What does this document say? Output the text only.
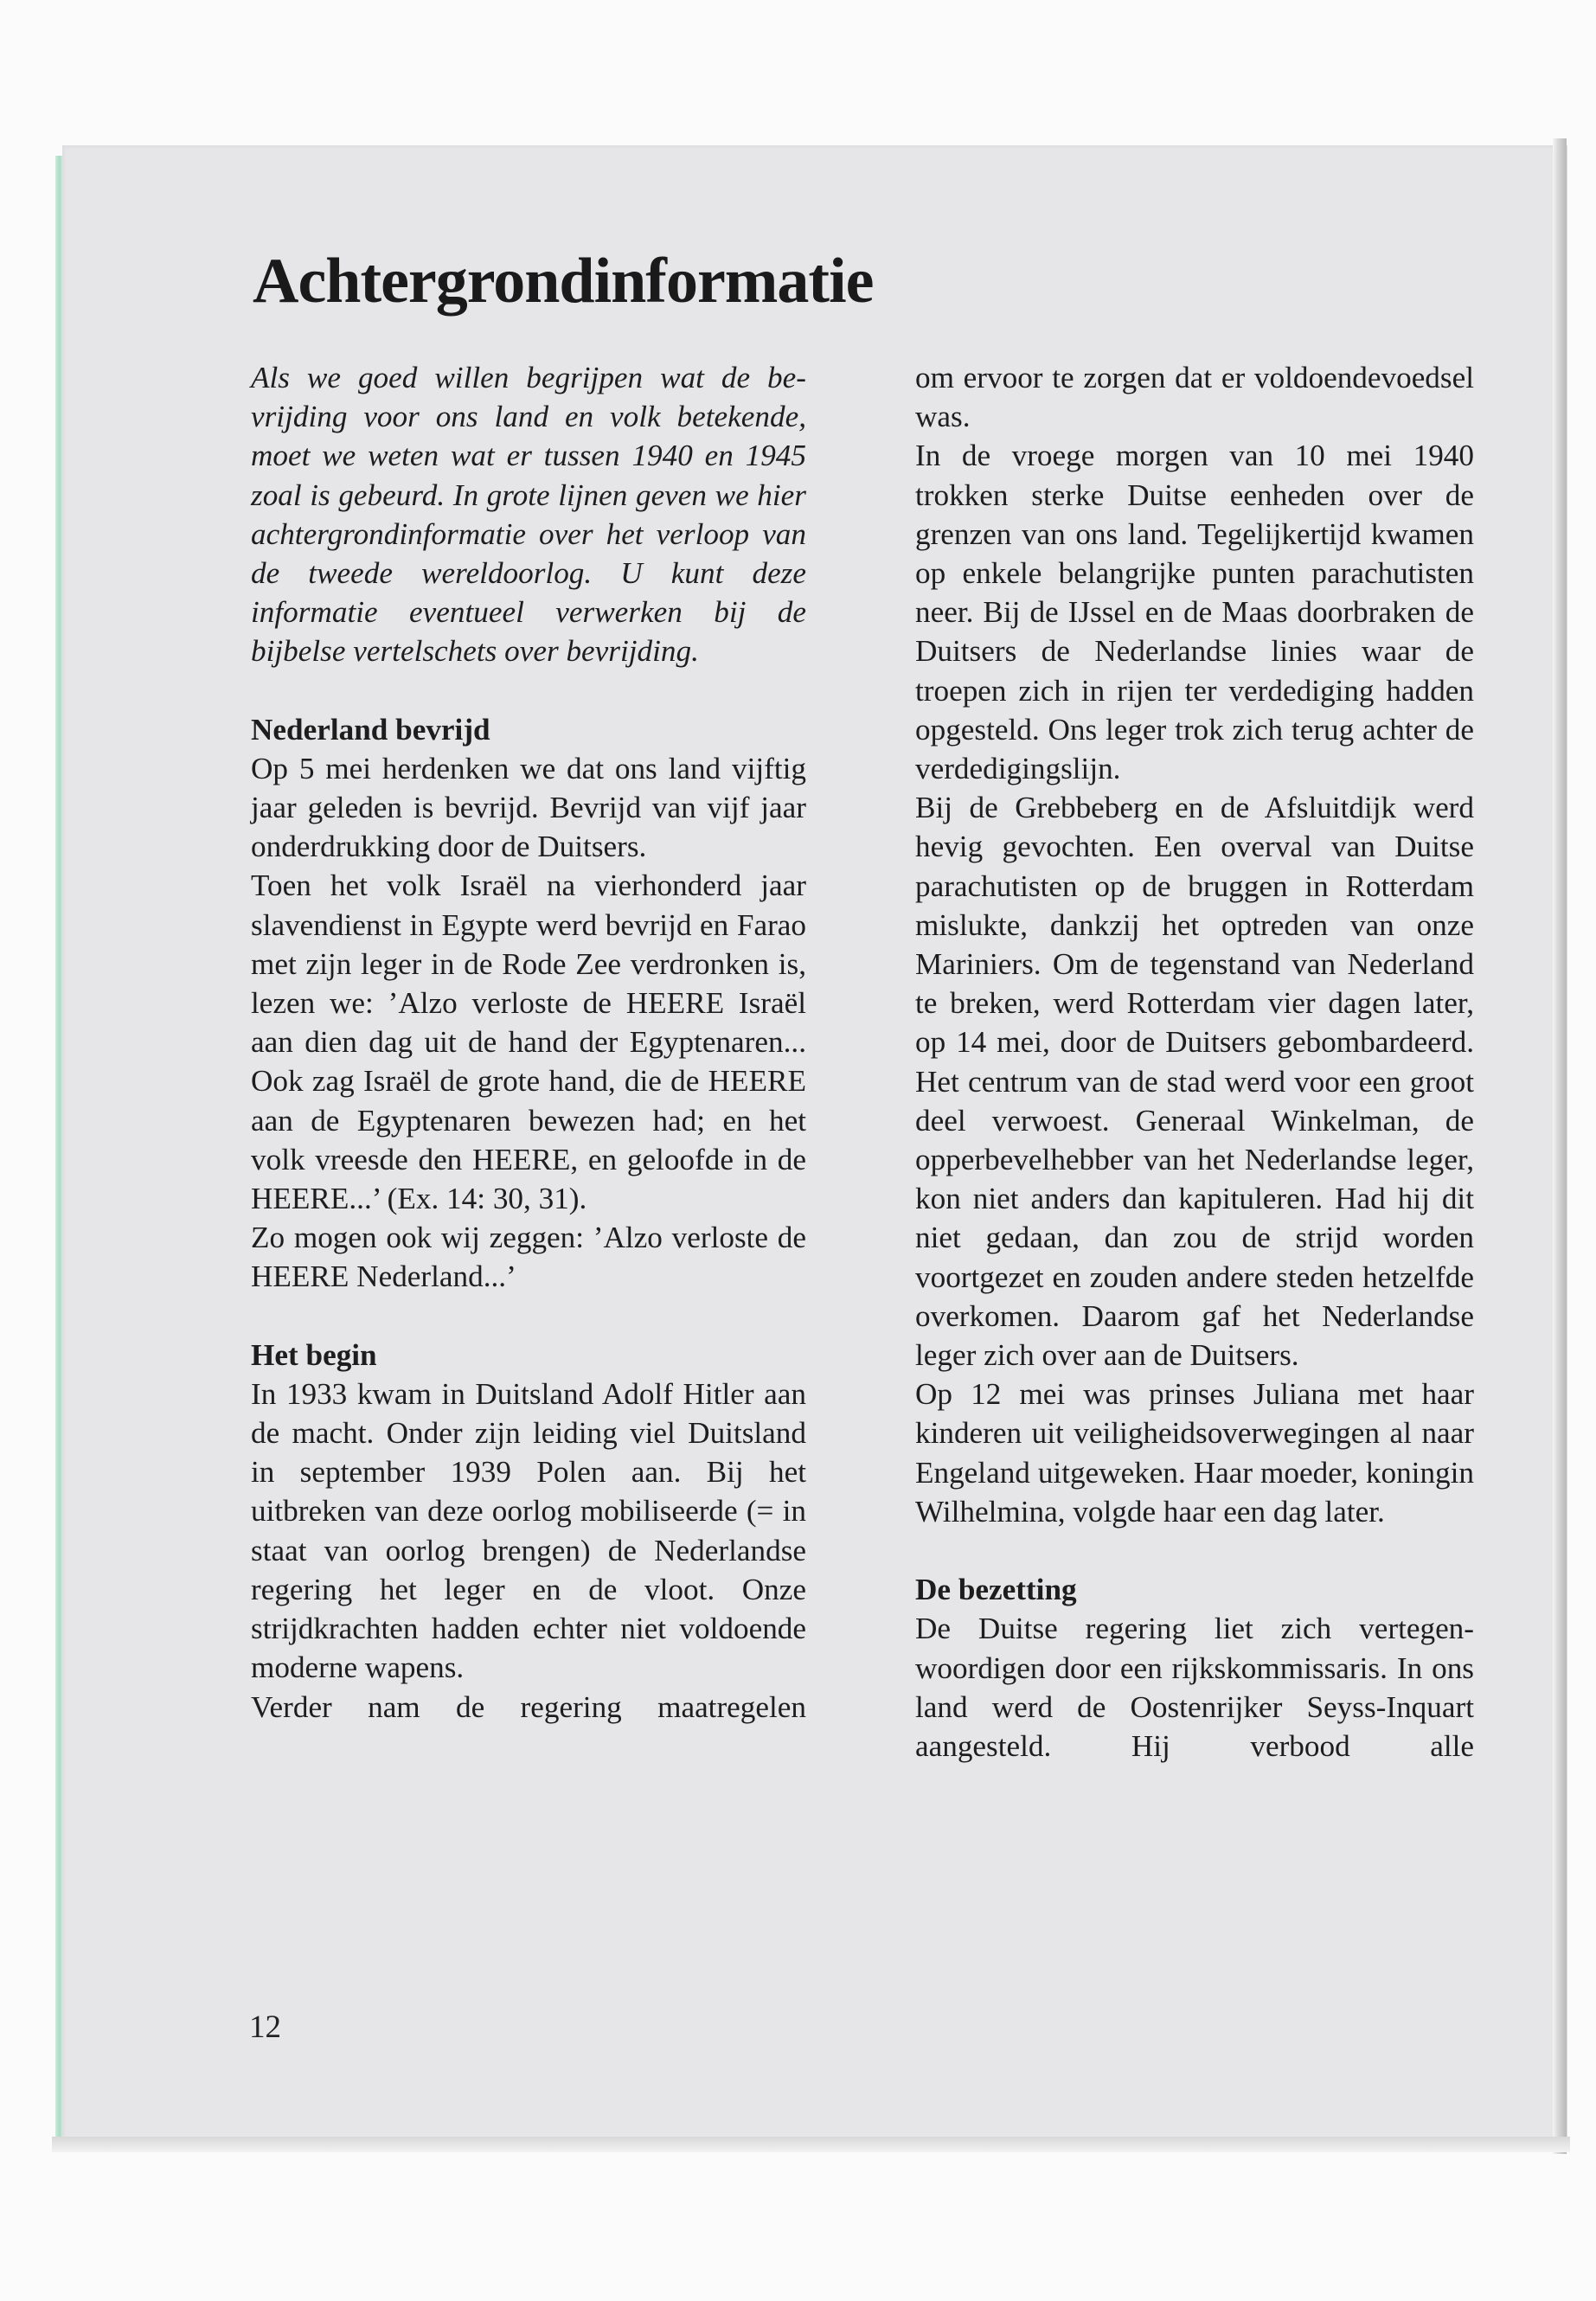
Achtergrondinformatie

Als we goed willen begrijpen wat de bevrijding voor ons land en volk betekende, moet we weten wat er tussen 1940 en 1945 zoal is gebeurd. In grote lijnen geven we hier achtergrondinformatie over het verloop van de tweede wereldoorlog. U kunt deze informatie eventueel verwerken bij de bijbelse vertelschets over bevrijding.

Nederland bevrijd

Op 5 mei herdenken we dat ons land vijftig jaar geleden is bevrijd. Bevrijd van vijf jaar onderdrukking door de Duitsers.

Toen het volk Israël na vierhonderd jaar slavendienst in Egypte werd bevrijd en Farao met zijn leger in de Rode Zee verdronken is, lezen we: ’Alzo verloste de HEERE Israël aan dien dag uit de hand der Egyptenaren... Ook zag Israël de grote hand, die de HEERE aan de Egyptenaren bewezen had; en het volk vreesde den HEERE, en geloofde in de HEERE...’ (Ex. 14: 30, 31).

Zo mogen ook wij zeggen: ’Alzo verloste de HEERE Nederland...’

Het begin

In 1933 kwam in Duitsland Adolf Hitler aan de macht. Onder zijn leiding viel Duitsland in september 1939 Polen aan. Bij het uitbreken van deze oorlog mobiliseerde (= in staat van oorlog brengen) de Nederlandse regering het leger en de vloot. Onze strijdkrachten hadden echter niet voldoende moderne wapens.

Verder nam de regering maatregelen

om ervoor te zorgen dat er voldoendevoedsel was.

In de vroege morgen van 10 mei 1940 trokken sterke Duitse eenheden over de grenzen van ons land. Tegelijkertijd kwamen op enkele belangrijke punten parachutisten neer. Bij de IJssel en de Maas doorbraken de Duitsers de Nederlandse linies waar de troepen zich in rijen ter verdediging hadden opgesteld. Ons leger trok zich terug achter de verdedigingslijn.

Bij de Grebbeberg en de Afsluitdijk werd hevig gevochten. Een overval van Duitse parachutisten op de bruggen in Rotterdam mislukte, dankzij het optreden van onze Mariniers. Om de tegenstand van Nederland te breken, werd Rotterdam vier dagen later, op 14 mei, door de Duitsers gebombardeerd. Het centrum van de stad werd voor een groot deel verwoest. Generaal Winkelman, de opperbevelhebber van het Nederlandse leger, kon niet anders dan kapituleren. Had hij dit niet gedaan, dan zou de strijd worden voortgezet en zouden andere steden hetzelfde overkomen. Daarom gaf het Nederlandse leger zich over aan de Duitsers.

Op 12 mei was prinses Juliana met haar kinderen uit veiligheidsoverwegingen al naar Engeland uitgeweken. Haar moeder, koningin Wilhelmina, volgde haar een dag later.

De bezetting

De Duitse regering liet zich vertegenwoordigen door een rijkskommissaris. In ons land werd de Oostenrijker Seyss-Inquart aangesteld. Hij verbood alle

12
